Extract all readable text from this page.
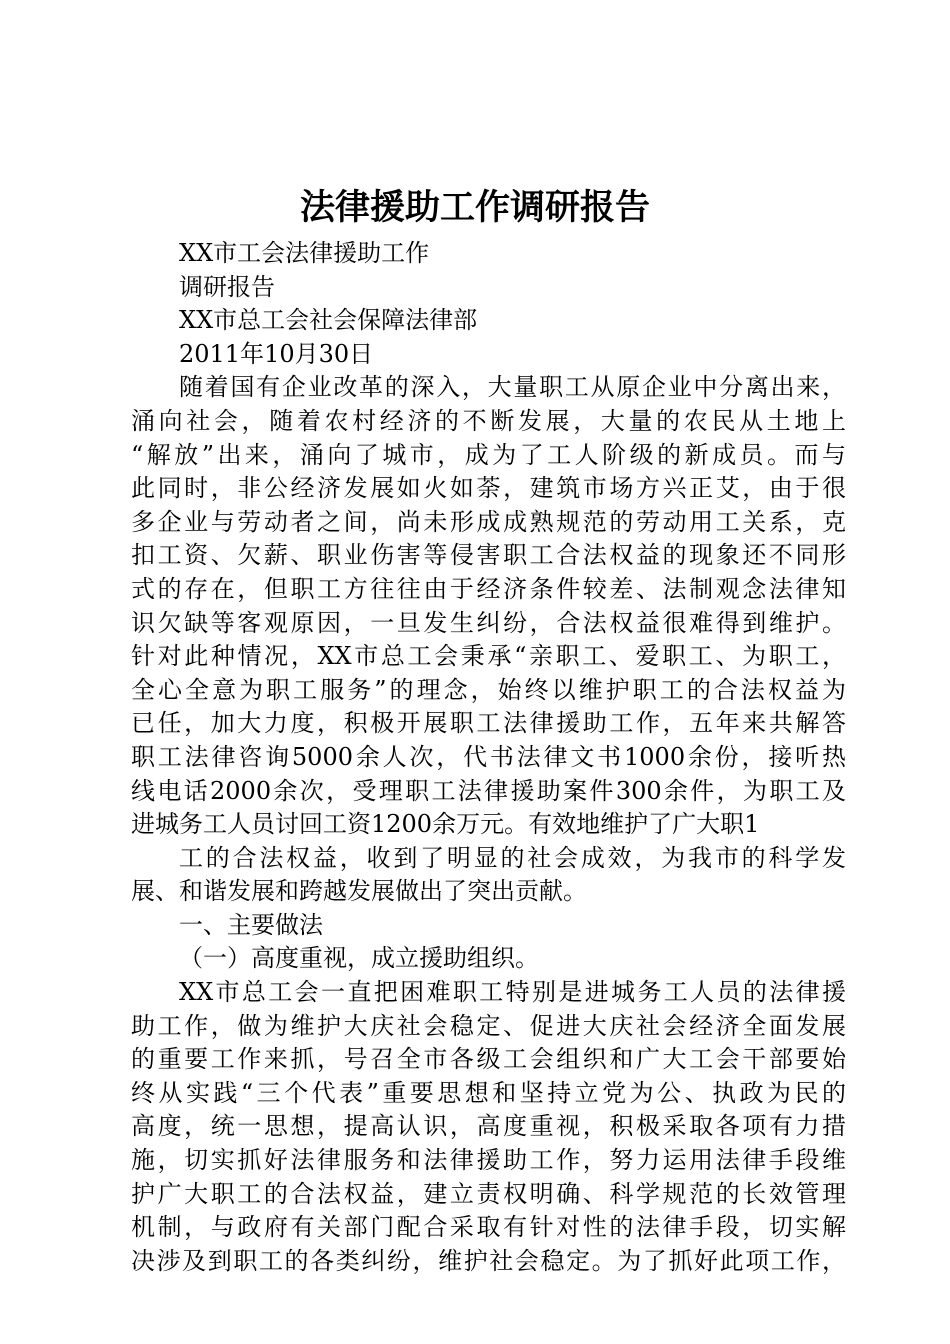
法律援助工作调研报告
XX市工会法律援助工作
调研报告
XX市总工会社会保障法律部
2011年10月30日
随着国有企业改革的深入，大量职工从原企业中分离出来，
涌向社会，随着农村经济的不断发展，大量的农民从土地上
“解放”出来，涌向了城市，成为了工人阶级的新成员。而与
此同时，非公经济发展如火如荼，建筑市场方兴正艾，由于很
多企业与劳动者之间，尚未形成成熟规范的劳动用工关系，克
扣工资、欠薪、职业伤害等侵害职工合法权益的现象还不同形
式的存在，但职工方往往由于经济条件较差、法制观念法律知
识欠缺等客观原因，一旦发生纠纷，合法权益很难得到维护。
针对此种情况，XX市总工会秉承“亲职工、爱职工、为职工，
全心全意为职工服务”的理念，始终以维护职工的合法权益为
已任，加大力度，积极开展职工法律援助工作，五年来共解答
职工法律咨询5000余人次，代书法律文书1000余份，接听热
线电话2000余次，受理职工法律援助案件300余件，为职工及
进城务工人员讨回工资1200余万元。有效地维护了广大职1
工的合法权益，收到了明显的社会成效，为我市的科学发
展、和谐发展和跨越发展做出了突出贡献。
一、主要做法
（一）高度重视，成立援助组织。
XX市总工会一直把困难职工特别是进城务工人员的法律援
助工作，做为维护大庆社会稳定、促进大庆社会经济全面发展
的重要工作来抓，号召全市各级工会组织和广大工会干部要始
终从实践“三个代表”重要思想和坚持立党为公、执政为民的
高度，统一思想，提高认识，高度重视，积极采取各项有力措
施，切实抓好法律服务和法律援助工作，努力运用法律手段维
护广大职工的合法权益，建立责权明确、科学规范的长效管理
机制，与政府有关部门配合采取有针对性的法律手段，切实解
决涉及到职工的各类纠纷，维护社会稳定。为了抓好此项工作，
